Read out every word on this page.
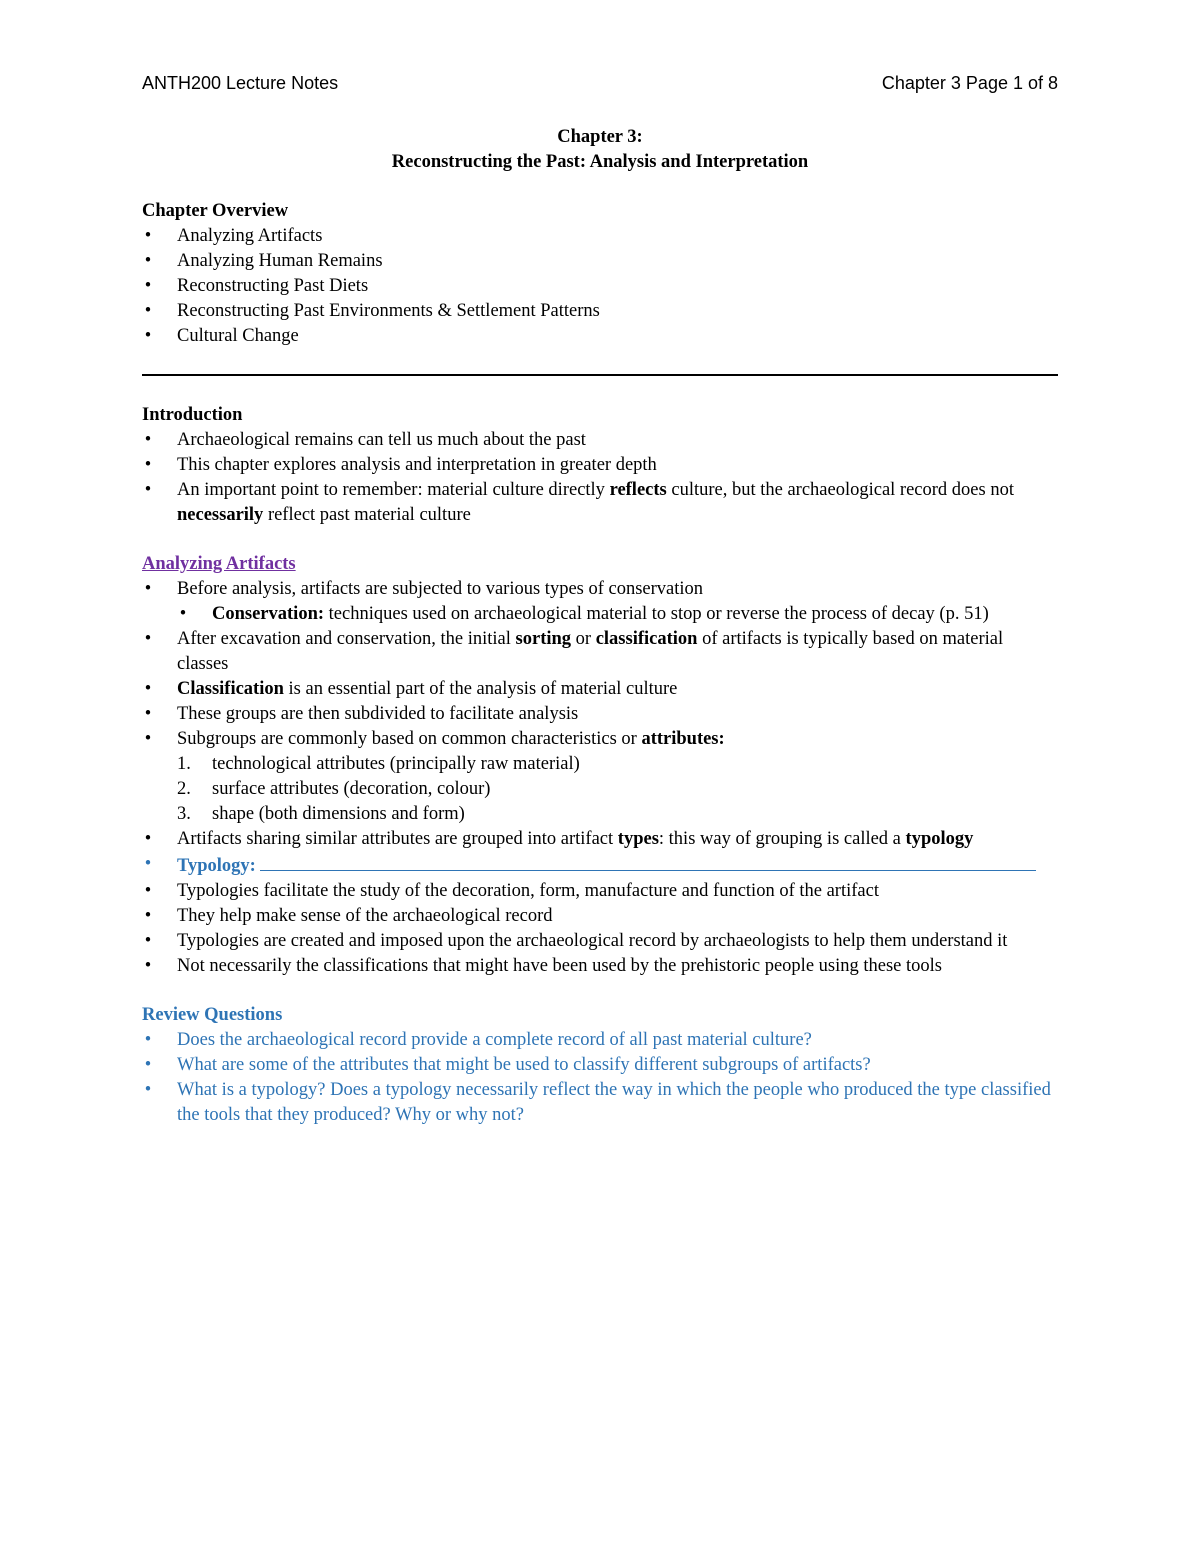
ANTH200 Lecture Notes	Chapter 3 Page 1 of 8
Chapter 3:
Reconstructing the Past: Analysis and Interpretation
Chapter Overview
• Analyzing Artifacts
• Analyzing Human Remains
• Reconstructing Past Diets
• Reconstructing Past Environments & Settlement Patterns
• Cultural Change
Introduction
• Archaeological remains can tell us much about the past
• This chapter explores analysis and interpretation in greater depth
• An important point to remember: material culture directly reflects culture, but the archaeological record does not necessarily reflect past material culture
Analyzing Artifacts
• Before analysis, artifacts are subjected to various types of conservation
• Conservation: techniques used on archaeological material to stop or reverse the process of decay (p. 51)
• After excavation and conservation, the initial sorting or classification of artifacts is typically based on material classes
• Classification is an essential part of the analysis of material culture
• These groups are then subdivided to facilitate analysis
• Subgroups are commonly based on common characteristics or attributes:
1. technological attributes (principally raw material)
2. surface attributes (decoration, colour)
3. shape (both dimensions and form)
• Artifacts sharing similar attributes are grouped into artifact types: this way of grouping is called a typology
• Typology:
• Typologies facilitate the study of the decoration, form, manufacture and function of the artifact
• They help make sense of the archaeological record
• Typologies are created and imposed upon the archaeological record by archaeologists to help them understand it
• Not necessarily the classifications that might have been used by the prehistoric people using these tools
Review Questions
• Does the archaeological record provide a complete record of all past material culture?
• What are some of the attributes that might be used to classify different subgroups of artifacts?
• What is a typology? Does a typology necessarily reflect the way in which the people who produced the type classified the tools that they produced? Why or why not?
